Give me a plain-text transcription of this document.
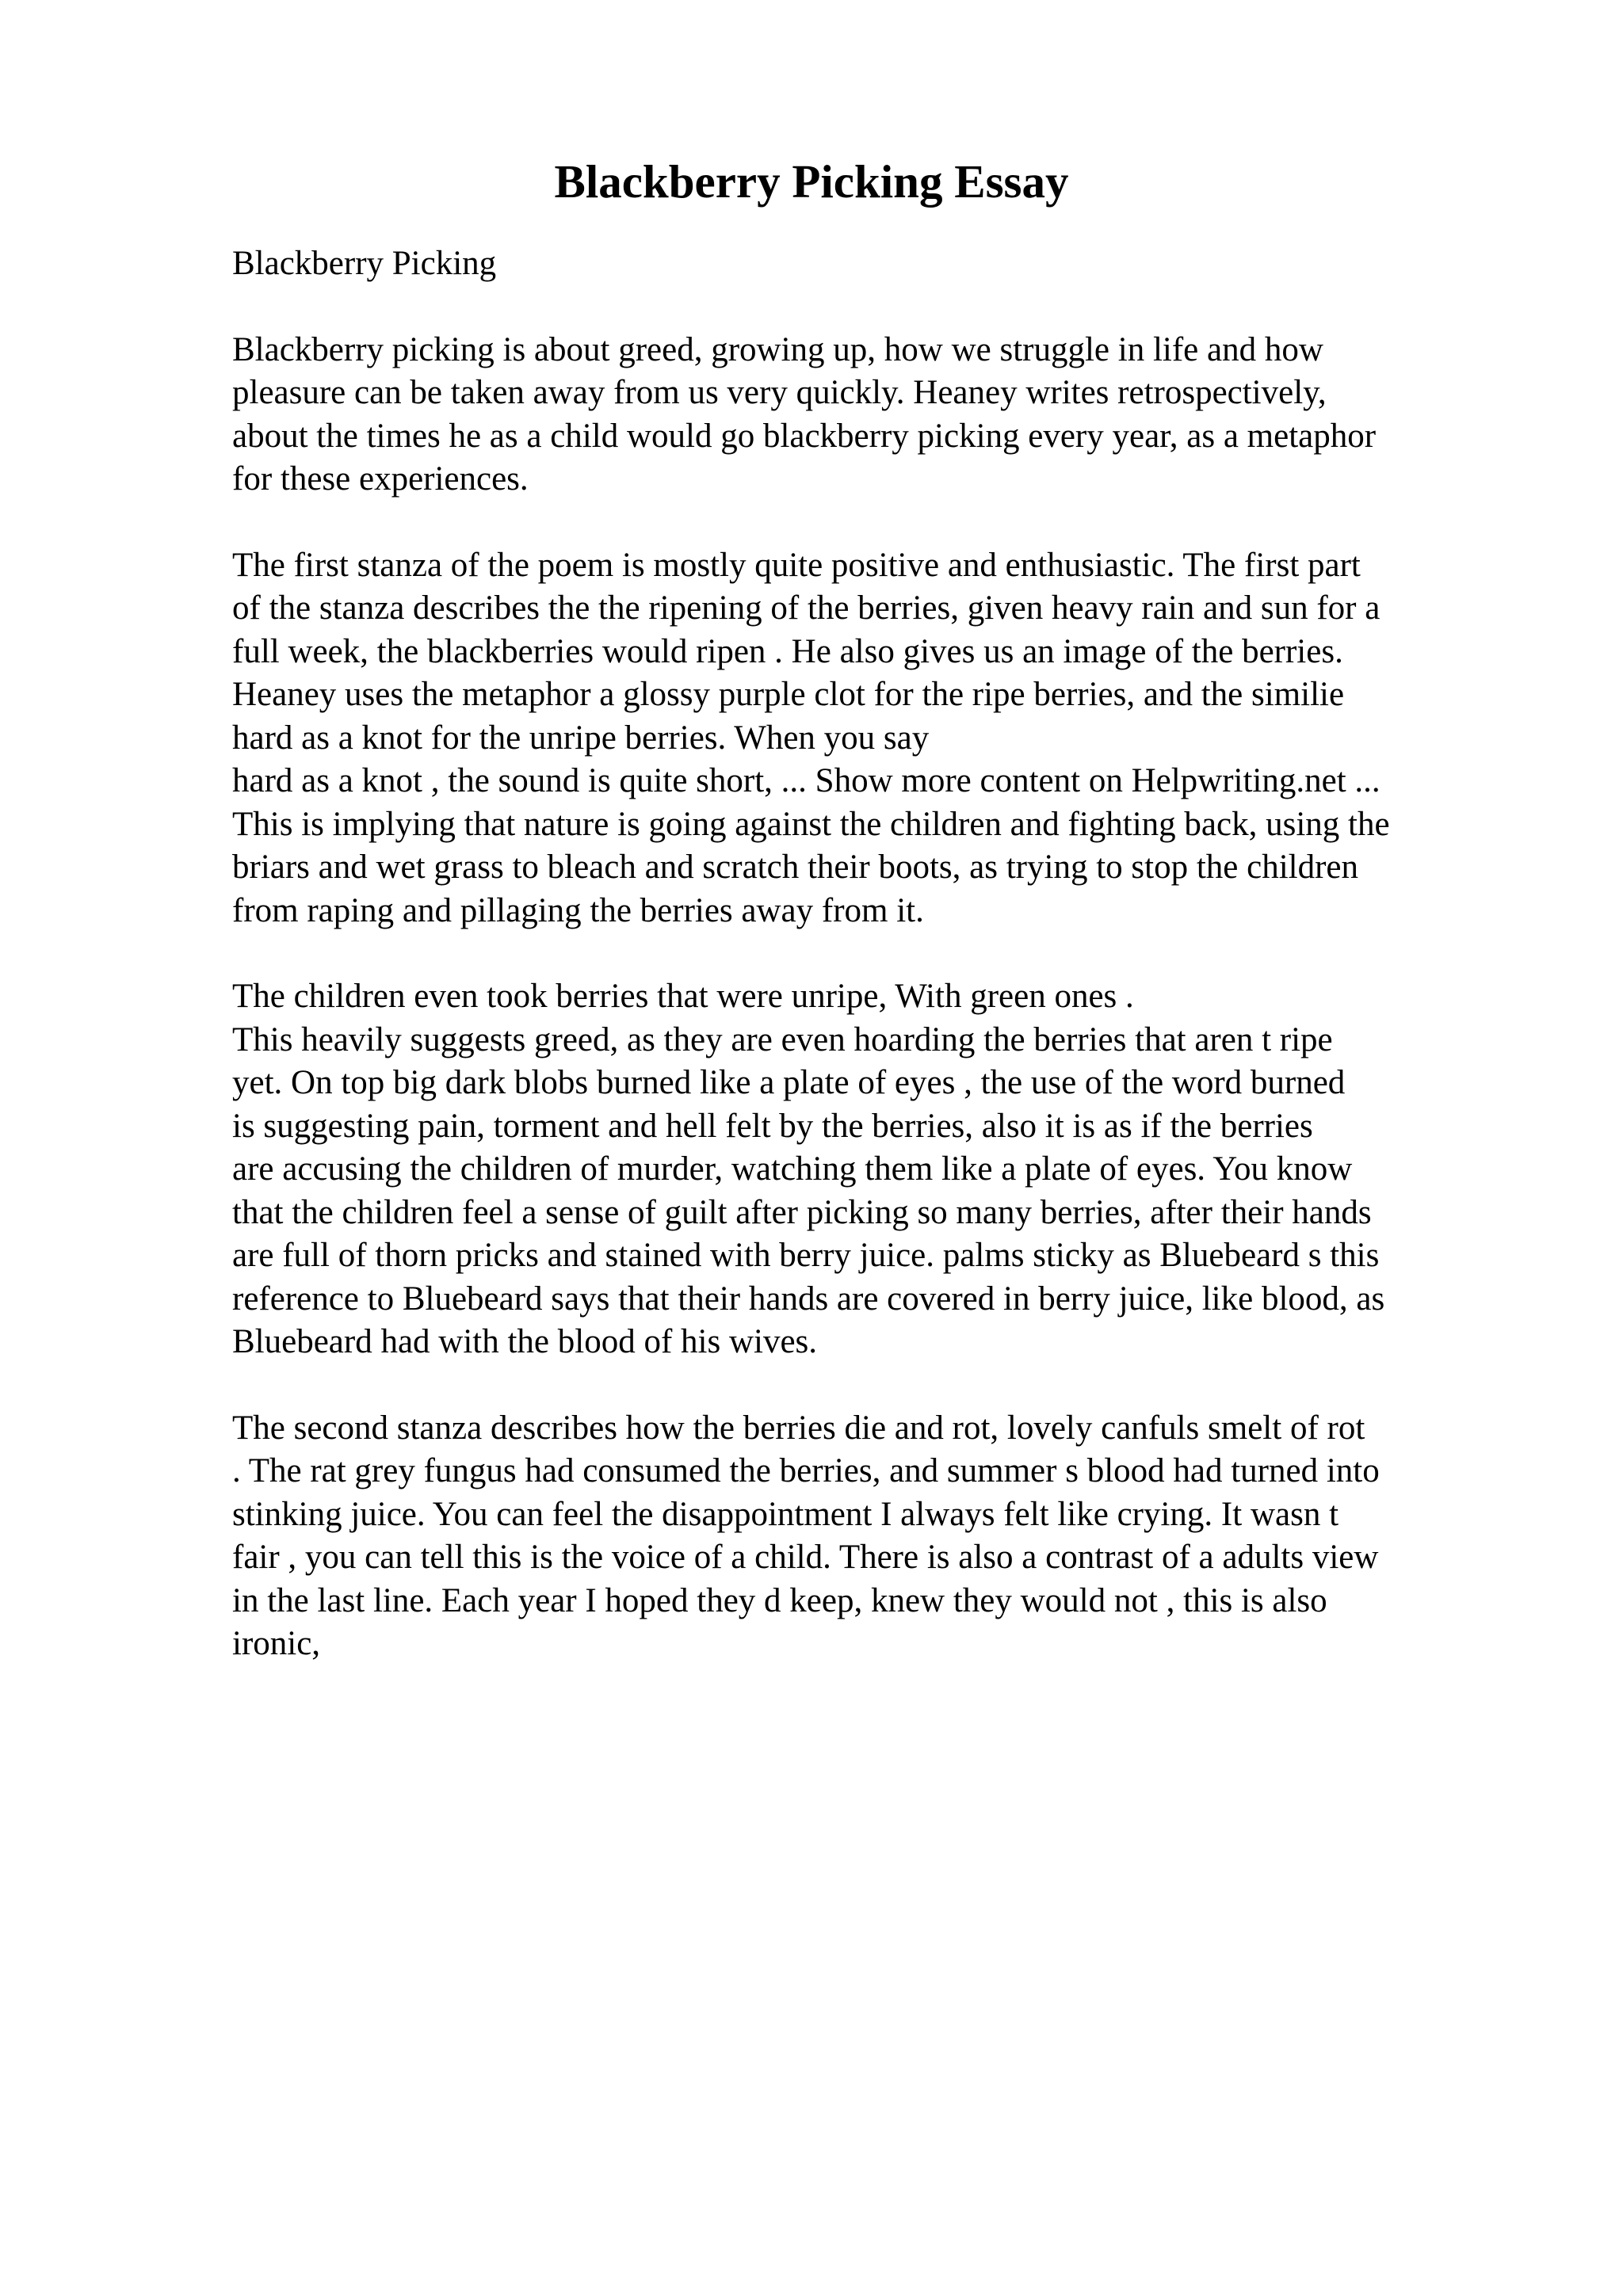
Blackberry Picking Essay

Blackberry Picking

Blackberry picking is about greed, growing up, how we struggle in life and how
pleasure can be taken away from us very quickly. Heaney writes retrospectively,
about the times he as a child would go blackberry picking every year, as a metaphor
for these experiences.

The first stanza of the poem is mostly quite positive and enthusiastic. The first part
of the stanza describes the the ripening of the berries, given heavy rain and sun for a
full week, the blackberries would ripen . He also gives us an image of the berries.
Heaney uses the metaphor a glossy purple clot for the ripe berries, and the similie
hard as a knot for the unripe berries. When you say
hard as a knot , the sound is quite short, ... Show more content on Helpwriting.net ...
This is implying that nature is going against the children and fighting back, using the
briars and wet grass to bleach and scratch their boots, as trying to stop the children
from raping and pillaging the berries away from it.

The children even took berries that were unripe, With green ones .
This heavily suggests greed, as they are even hoarding the berries that aren t ripe
yet. On top big dark blobs burned like a plate of eyes , the use of the word burned
is suggesting pain, torment and hell felt by the berries, also it is as if the berries
are accusing the children of murder, watching them like a plate of eyes. You know
that the children feel a sense of guilt after picking so many berries, after their hands
are full of thorn pricks and stained with berry juice. palms sticky as Bluebeard s this
reference to Bluebeard says that their hands are covered in berry juice, like blood, as
Bluebeard had with the blood of his wives.

The second stanza describes how the berries die and rot, lovely canfuls smelt of rot
. The rat grey fungus had consumed the berries, and summer s blood had turned into
stinking juice. You can feel the disappointment I always felt like crying. It wasn t
fair , you can tell this is the voice of a child. There is also a contrast of a adults view
in the last line. Each year I hoped they d keep, knew they would not , this is also
ironic,
